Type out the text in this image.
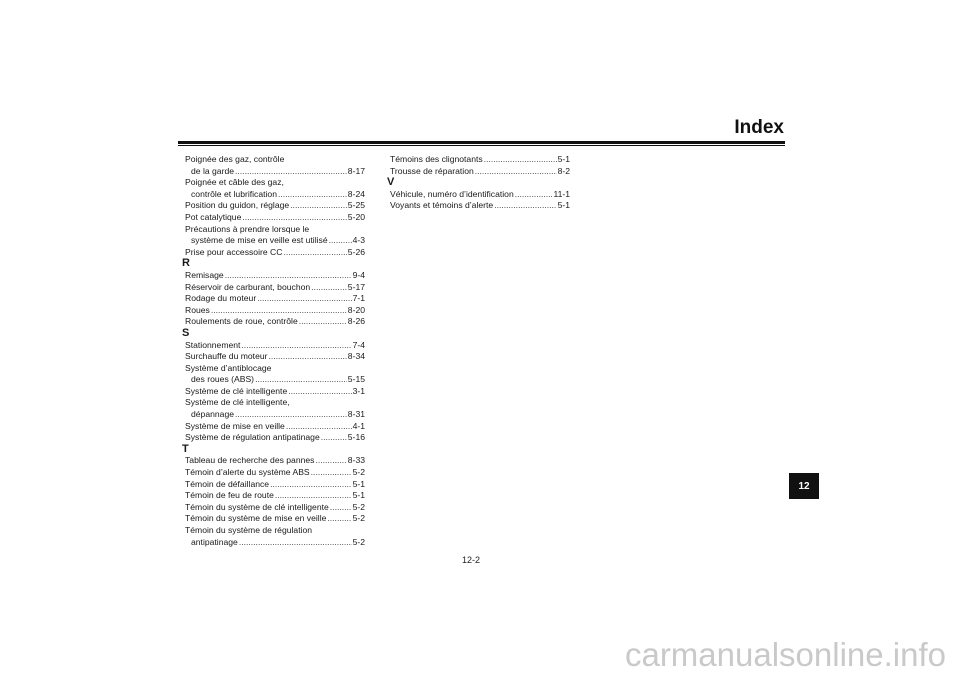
Index
Poignée des gaz, contrôle
de la garde .....	8-17
Poignée et câble des gaz,
contrôle et lubrification .....	8-24
Position du guidon, réglage .....	5-25
Pot catalytique .....	5-20
Précautions à prendre lorsque le
système de mise en veille est utilisé .....	4-3
Prise pour accessoire CC .....	5-26
R
Remisage .....	9-4
Réservoir de carburant, bouchon .....	5-17
Rodage du moteur .....	7-1
Roues .....	8-20
Roulements de roue, contrôle .....	8-26
S
Stationnement .....	7-4
Surchauffe du moteur .....	8-34
Système d’antiblocage
des roues (ABS) .....	5-15
Système de clé intelligente .....	3-1
Système de clé intelligente,
dépannage .....	8-31
Système de mise en veille .....	4-1
Système de régulation antipatinage .....	5-16
T
Tableau de recherche des pannes .....	8-33
Témoin d’alerte du système ABS .....	5-2
Témoin de défaillance .....	5-1
Témoin de feu de route .....	5-1
Témoin du système de clé intelligente .....	5-2
Témoin du système de mise en veille .....	5-2
Témoin du système de régulation
antipatinage .....	5-2
Témoins des clignotants .....	5-1
Trousse de réparation .....	8-2
V
Véhicule, numéro d’identification .....	11-1
Voyants et témoins d’alerte .....	5-1
12
12-2
carmanualsonline.info
